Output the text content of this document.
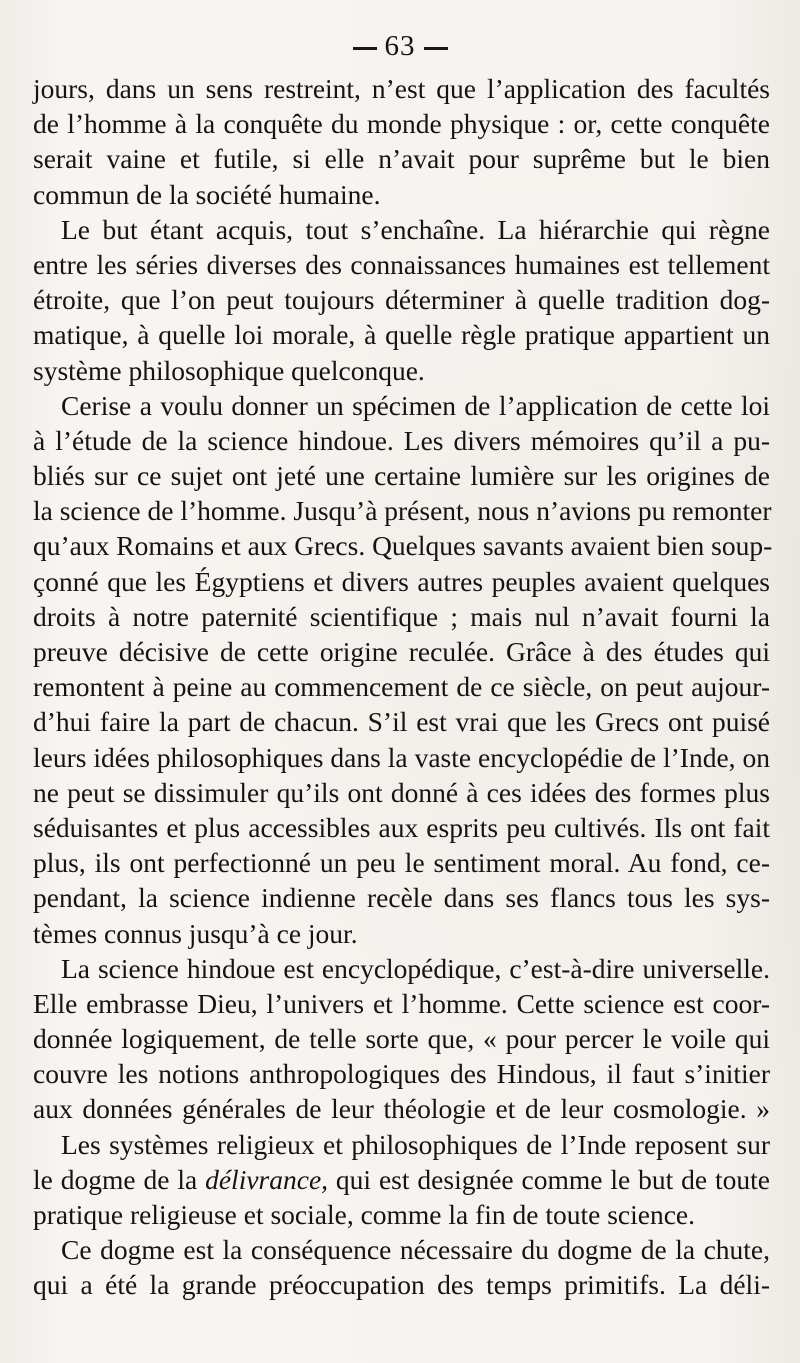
63
jours, dans un sens restreint, n’est que l’application des facultés
de l’homme à la conquête du monde physique : or, cette conquête
serait vaine et futile, si elle n’avait pour suprême but le bien
commun de la société humaine.
Le but étant acquis, tout s’enchaîne. La hiérarchie qui règne
entre les séries diverses des connaissances humaines est tellement
étroite, que l’on peut toujours déterminer à quelle tradition dog-
matique, à quelle loi morale, à quelle règle pratique appartient un
système philosophique quelconque.
Cerise a voulu donner un spécimen de l’application de cette loi
à l’étude de la science hindoue. Les divers mémoires qu’il a pu-
bliés sur ce sujet ont jeté une certaine lumière sur les origines de
la science de l’homme. Jusqu’à présent, nous n’avions pu remonter
qu’aux Romains et aux Grecs. Quelques savants avaient bien soup-
çonné que les Égyptiens et divers autres peuples avaient quelques
droits à notre paternité scientifique ; mais nul n’avait fourni la
preuve décisive de cette origine reculée. Grâce à des études qui
remontent à peine au commencement de ce siècle, on peut aujour-
d’hui faire la part de chacun. S’il est vrai que les Grecs ont puisé
leurs idées philosophiques dans la vaste encyclopédie de l’Inde, on
ne peut se dissimuler qu’ils ont donné à ces idées des formes plus
séduisantes et plus accessibles aux esprits peu cultivés. Ils ont fait
plus, ils ont perfectionné un peu le sentiment moral. Au fond, ce-
pendant, la science indienne recèle dans ses flancs tous les sys-
tèmes connus jusqu’à ce jour.
La science hindoue est encyclopédique, c’est-à-dire universelle.
Elle embrasse Dieu, l’univers et l’homme. Cette science est coor-
donnée logiquement, de telle sorte que, « pour percer le voile qui
couvre les notions anthropologiques des Hindous, il faut s’initier
aux données générales de leur théologie et de leur cosmologie. »
Les systèmes religieux et philosophiques de l’Inde reposent sur
le dogme de la délivrance, qui est designée comme le but de toute
pratique religieuse et sociale, comme la fin de toute science.
Ce dogme est la conséquence nécessaire du dogme de la chute,
qui a été la grande préoccupation des temps primitifs. La déli-
